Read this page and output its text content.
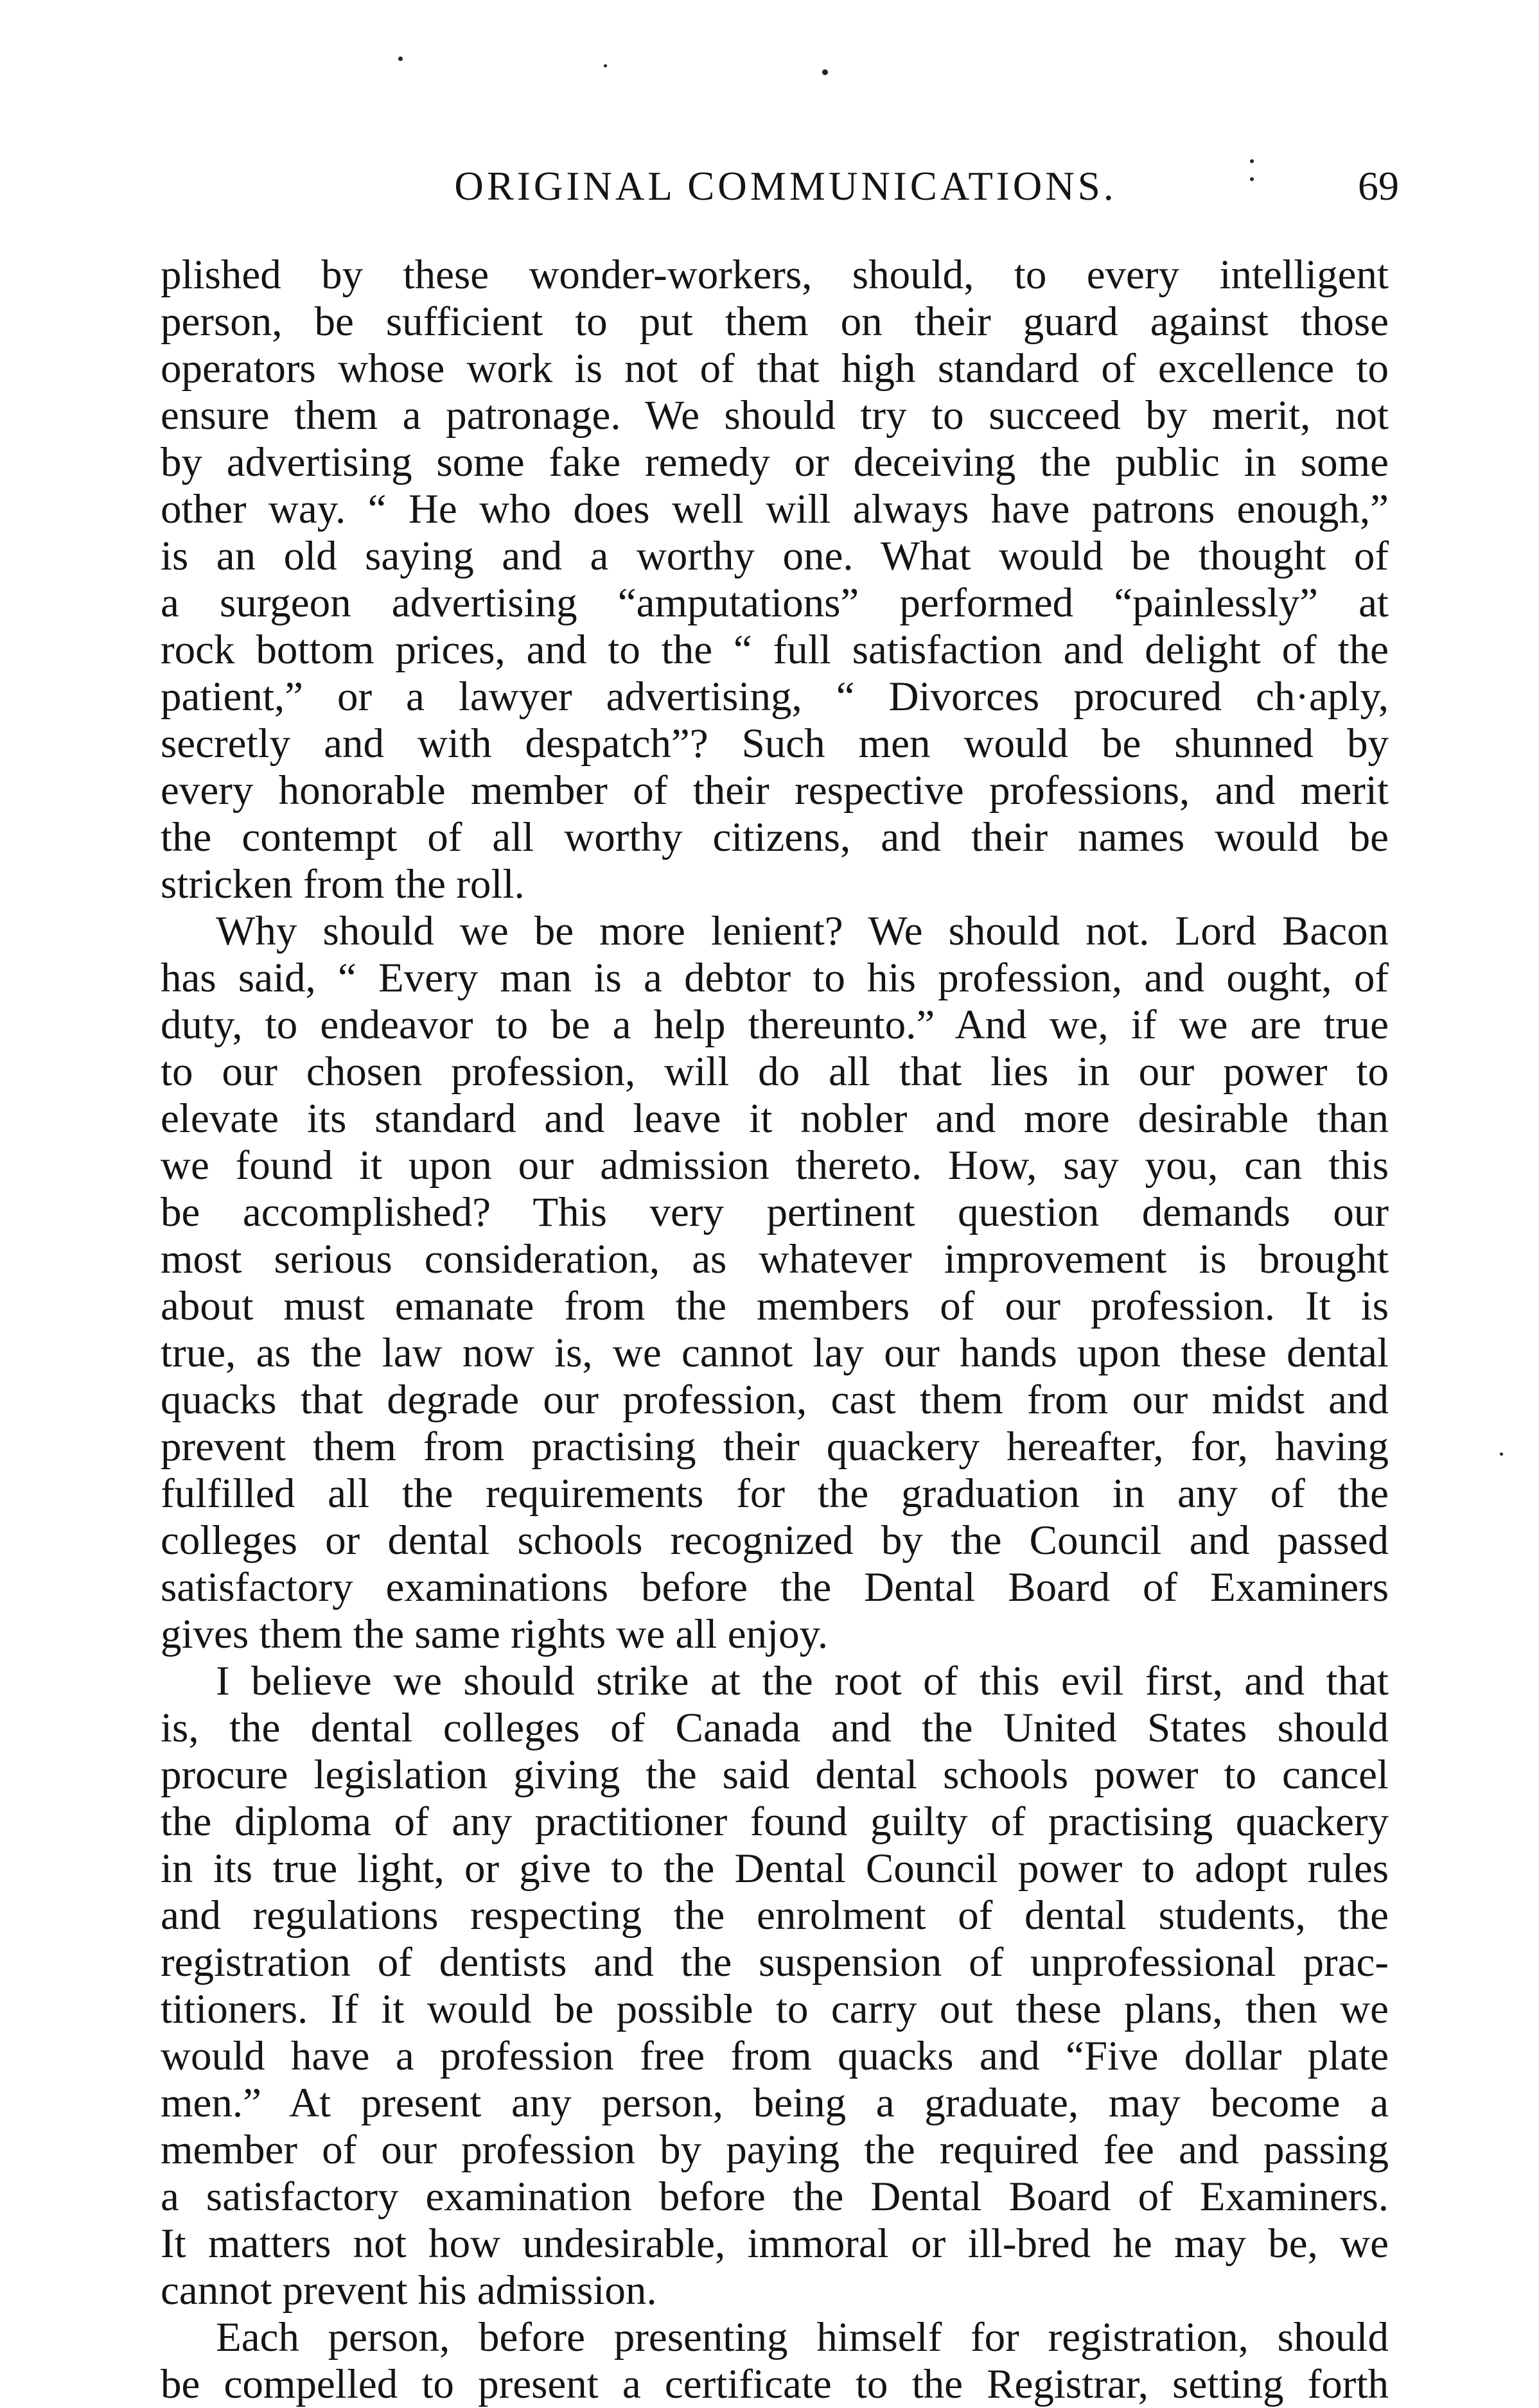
ORIGINAL COMMUNICATIONS.	69
plished by these wonder-workers, should, to every intelligent
person, be sufficient to put them on their guard against those
operators whose work is not of that high standard of excellence to
ensure them a patronage. We should try to succeed by merit, not
by advertising some fake remedy or deceiving the public in some
other way. “ He who does well will always have patrons enough,”
is an old saying and a worthy one. What would be thought of
a surgeon advertising “amputations” performed “painlessly” at
rock bottom prices, and to the “ full satisfaction and delight of the
patient,” or a lawyer advertising, “ Divorces procured ch·aply,
secretly and with despatch”? Such men would be shunned by
every honorable member of their respective professions, and merit
the contempt of all worthy citizens, and their names would be
stricken from the roll.
Why should we be more lenient? We should not. Lord Bacon
has said, “ Every man is a debtor to his profession, and ought, of
duty, to endeavor to be a help thereunto.” And we, if we are true
to our chosen profession, will do all that lies in our power to
elevate its standard and leave it nobler and more desirable than
we found it upon our admission thereto. How, say you, can this
be accomplished? This very pertinent question demands our
most serious consideration, as whatever improvement is brought
about must emanate from the members of our profession. It is
true, as the law now is, we cannot lay our hands upon these dental
quacks that degrade our profession, cast them from our midst and
prevent them from practising their quackery hereafter, for, having
fulfilled all the requirements for the graduation in any of the
colleges or dental schools recognized by the Council and passed
satisfactory examinations before the Dental Board of Examiners
gives them the same rights we all enjoy.
I believe we should strike at the root of this evil first, and that
is, the dental colleges of Canada and the United States should
procure legislation giving the said dental schools power to cancel
the diploma of any practitioner found guilty of practising quackery
in its true light, or give to the Dental Council power to adopt rules
and regulations respecting the enrolment of dental students, the
registration of dentists and the suspension of unprofessional prac-
titioners. If it would be possible to carry out these plans, then we
would have a profession free from quacks and “Five dollar plate
men.” At present any person, being a graduate, may become a
member of our profession by paying the required fee and passing
a satisfactory examination before the Dental Board of Examiners.
It matters not how undesirable, immoral or ill-bred he may be, we
cannot prevent his admission.
Each person, before presenting himself for registration, should
be compelled to present a certificate to the Registrar, setting forth
